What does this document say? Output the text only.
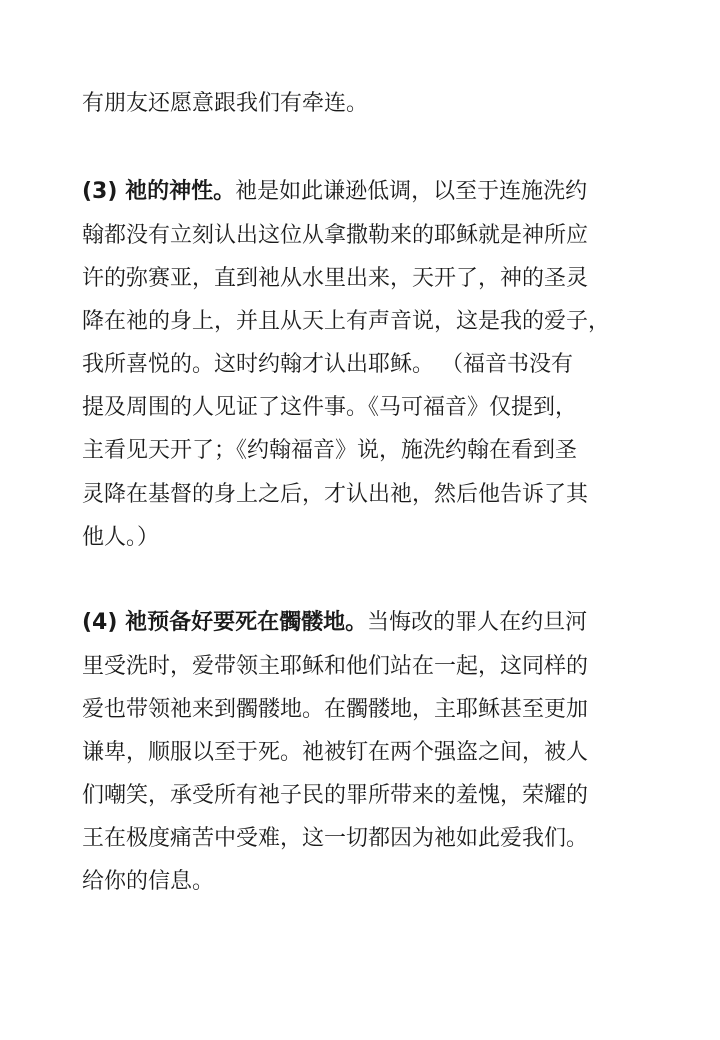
有朋友还愿意跟我们有牵连。
(3) 祂的神性。祂是如此谦逊低调，以至于连施洗约
翰都没有立刻认出这位从拿撒勒来的耶稣就是神所应
许的弥赛亚，直到祂从水里出来，天开了，神的圣灵
降在祂的身上，并且从天上有声音说，这是我的爱子，
我所喜悦的。这时约翰才认出耶稣。 （福音书没有
提及周围的人见证了这件事。《马可福音》仅提到，
主看见天开了；《约翰福音》说，施洗约翰在看到圣
灵降在基督的身上之后，才认出祂，然后他告诉了其
他人。）
(4) 祂预备好要死在髑髅地。当悔改的罪人在约旦河
里受洗时，爱带领主耶稣和他们站在一起，这同样的
爱也带领祂来到髑髅地。在髑髅地，主耶稣甚至更加
谦卑，顺服以至于死。祂被钉在两个强盗之间，被人
们嘲笑，承受所有祂子民的罪所带来的羞愧，荣耀的
王在极度痛苦中受难，这一切都因为祂如此爱我们。
给你的信息。
